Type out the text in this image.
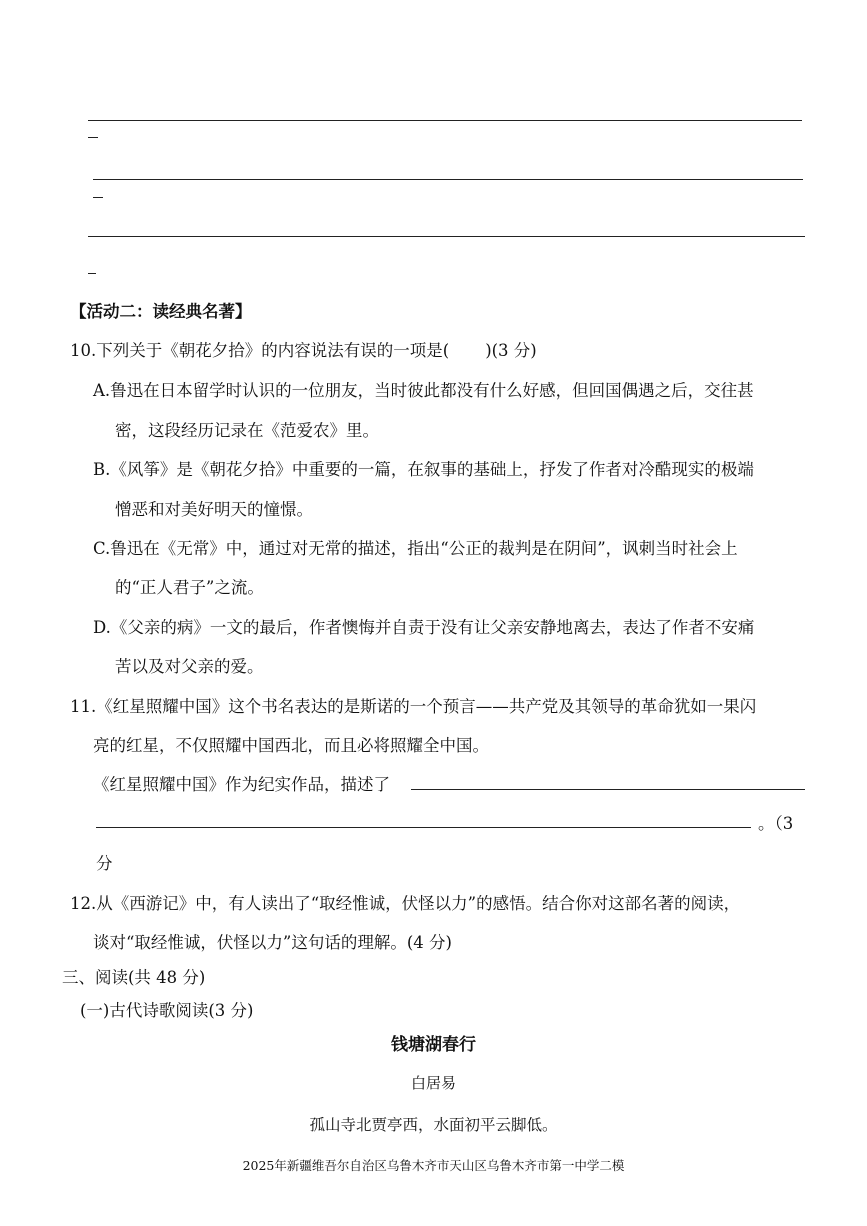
【活动二：读经典名著】
10.下列关于《朝花夕拾》的内容说法有误的一项是( )(3 分)
A.鲁迅在日本留学时认识的一位朋友，当时彼此都没有什么好感，但回国偶遇之后，交往甚
密，这段经历记录在《范爱农》里。
B.《风筝》是《朝花夕拾》中重要的一篇，在叙事的基础上，抒发了作者对冷酷现实的极端
憎恶和对美好明天的憧憬。
C.鲁迅在《无常》中，通过对无常的描述，指出“公正的裁判是在阴间”，讽刺当时社会上
的“正人君子”之流。
D.《父亲的病》一文的最后，作者懊悔并自责于没有让父亲安静地离去，表达了作者不安痛
苦以及对父亲的爱。
11.《红星照耀中国》这个书名表达的是斯诺的一个预言——共产党及其领导的革命犹如一果闪
亮的红星，不仅照耀中国西北，而且必将照耀全中国。
《红星照耀中国》作为纪实作品，描述了
。（3
分
12.从《西游记》中，有人读出了“取经惟诚，伏怪以力”的感悟。结合你对这部名著的阅读，
谈对“取经惟诚，伏怪以力”这句话的理解。(4 分)
三、阅读(共 48 分)
(一)古代诗歌阅读(3 分)
钱塘湖春行
白居易
孤山寺北贾亭西，水面初平云脚低。
2025年新疆维吾尔自治区乌鲁木齐市天山区乌鲁木齐市第一中学二模
